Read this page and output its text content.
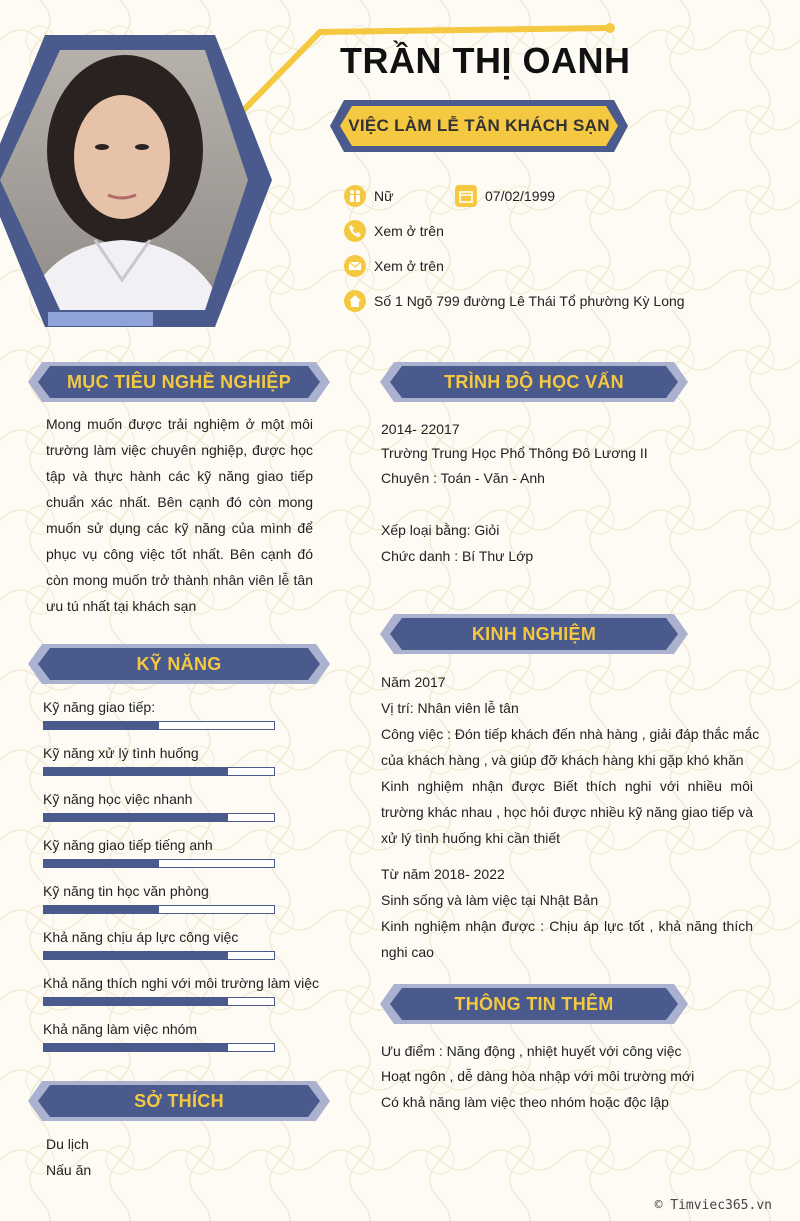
TRẦN THỊ OANH
VIỆC LÀM LỄ TÂN KHÁCH SẠN
Nữ	07/02/1999
Xem ở trên
Xem ở trên
Số 1 Ngõ 799 đường Lê Thái Tổ phường Kỳ Long
MỤC TIÊU NGHỀ NGHIỆP	TRÌNH ĐỘ HỌC VẤN
Mong muốn được trải nghiệm ở một môi
trường làm việc chuyên nghiệp, được học
tập và thực hành các kỹ năng giao tiếp
chuẩn xác nhất. Bên cạnh đó còn mong
muốn sử dụng các kỹ năng của mình để
phục vụ công việc tốt nhất. Bên cạnh đó
còn mong muốn trở thành nhân viên lễ tân
ưu tú nhất tại khách sạn
2014- 22017
Trường Trung Học Phổ Thông Đô Lương II
Chuyên : Toán - Văn - Anh
Xếp loại bằng: Giỏi
Chức danh : Bí Thư Lớp
KỸ NĂNG
Kỹ năng giao tiếp:
Kỹ năng xử lý tình huống
Kỹ năng học việc nhanh
Kỹ năng giao tiếp tiếng anh
Kỹ năng tin học văn phòng
Khả năng chịu áp lực công việc
Khả năng thích nghi với môi trường làm việc
Khả năng làm việc nhóm
SỞ THÍCH
Du lịch
Nấu ăn
KINH NGHIỆM
Năm 2017
Vị trí: Nhân viên lễ tân
Công việc : Đón tiếp khách đến nhà hàng , giải đáp thắc mắc
của khách hàng , và giúp đỡ khách hàng khi gặp khó khăn
Kinh nghiệm nhận được Biết thích nghi với nhiều môi
trường khác nhau , học hỏi được nhiều kỹ năng giao tiếp và
xử lý tình huống khi cần thiết
Từ năm 2018- 2022
Sinh sống và làm việc tại Nhật Bản
Kinh nghiệm nhận được : Chịu áp lực tốt , khả năng thích
nghi cao
THÔNG TIN THÊM
Ưu điểm : Năng động , nhiệt huyết với công việc
Hoạt ngôn , dễ dàng hòa nhập với môi trường mới
Có khả năng làm việc theo nhóm hoặc độc lập
© Timviec365.vn
